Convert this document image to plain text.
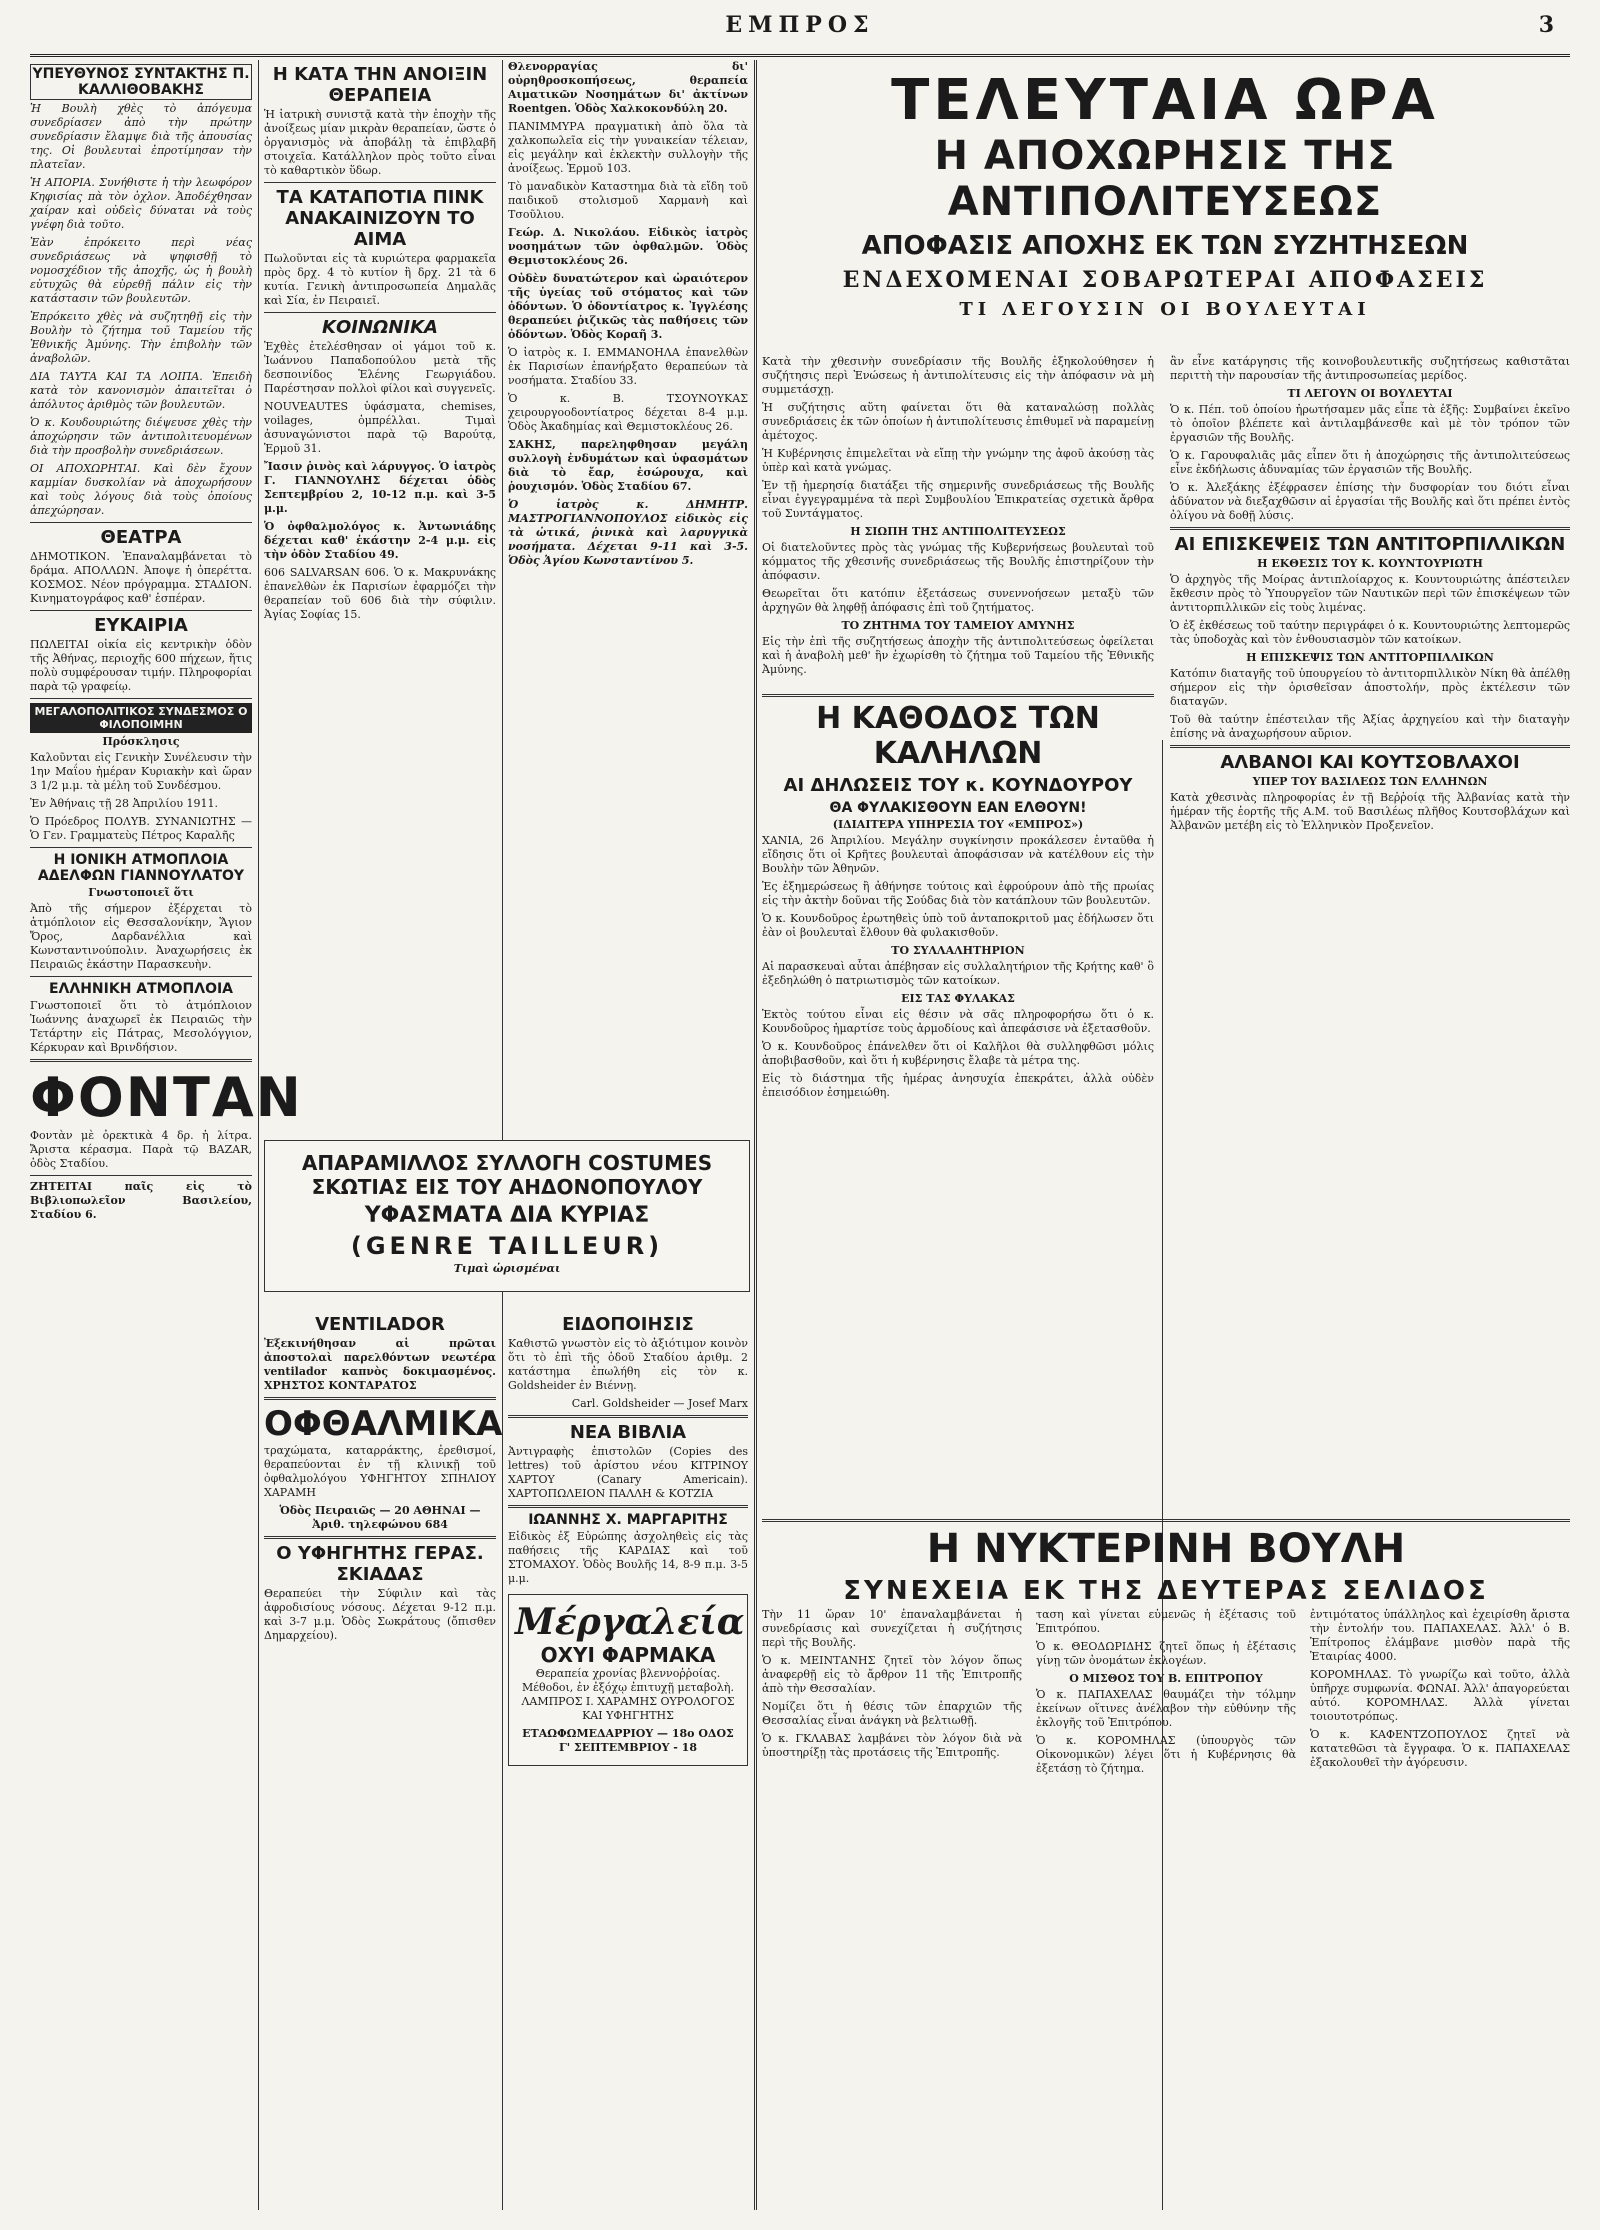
ΕΜΠΡΟΣ	3
ΥΠΕΥΘΥΝΟΣ ΣΥΝΤΑΚΤΗΣ Π. ΚΑΛΛΙΘΟΒΑΚΗΣ

Ἡ Βουλὴ χθὲς τὸ ἀπόγευμα συνεδρίασεν ἀπὸ τὴν πρώτην συνεδρίασιν ἔλαμψε διὰ τῆς ἀπουσίας της. Οἱ βουλευταὶ ἐπροτίμησαν τὴν πλατεῖαν.

Ἡ ΑΠΟΡΙΑ. Συνήθιστε ἡ τὴν λεωφόρον Κηφισίας πὰ τὸν ὀχλον. Ἀποδέχθησαν χαίραν καὶ οὐδεὶς δύναται νὰ τοὺς γνέφη διὰ τοῦτο.

Ἐὰν ἐπρόκειτο περὶ νέας συνεδριάσεως νὰ ψηφισθῇ τὸ νομοσχέδιον τῆς ἀποχῆς, ὡς ἡ βουλὴ εὐτυχῶς θὰ εὑρεθῇ πάλιν εἰς τὴν κατάστασιν τῶν βουλευτῶν.

Ἐπρόκειτο χθὲς νὰ συζητηθῇ εἰς τὴν Βουλὴν τὸ ζήτημα τοῦ Ταμείου τῆς Ἐθνικῆς Ἀμύνης. Τὴν ἐπιβολὴν τῶν ἀναβολῶν.

ΔΙΑ ΤΑΥΤΑ ΚΑΙ ΤΑ ΛΟΙΠΑ. Ἐπειδὴ κατὰ τὸν κανονισμὸν ἀπαιτεῖται ὁ ἀπόλυτος ἀριθμὸς τῶν βουλευτῶν.

Ὁ κ. Κουδουριώτης διέψευσε χθὲς τὴν ἀποχώρησιν τῶν ἀντιπολιτευομένων διὰ τὴν προσβολὴν συνεδριάσεων.

ΟΙ ΑΠΟΧΩΡΗΤΑΙ. Καὶ δὲν ἔχουν καμμίαν δυσκολίαν νὰ ἀποχωρήσουν καὶ τοὺς λόγους διὰ τοὺς ὁποίους ἀπεχώρησαν.

ΘΕΑΤΡΑ

ΔΗΜΟΤΙΚΟΝ. Ἐπαναλαμβάνεται τὸ δράμα. ΑΠΟΛΛΩΝ. Ἀποψε ἡ ὀπερέττα. ΚΟΣΜΟΣ. Νέον πρόγραμμα. ΣΤΑΔΙΟΝ. Κινηματογράφος καθ' ἑσπέραν.

ΕΥΚΑΙΡΙΑ

ΠΩΛΕΙΤΑΙ οἰκία εἰς κεντρικὴν ὁδὸν τῆς Ἀθήνας, περιοχῆς 600 πήχεων, ἥτις πολὺ συμφέρουσαν τιμήν. Πληροφορίαι παρὰ τῷ γραφείῳ.

ΜΕΓΑΛΟΠΟΛΙΤΙΚΟΣ ΣΥΝΔΕΣΜΟΣ Ο ΦΙΛΟΠΟΙΜΗΝ
Πρόσκλησις

Καλοῦνται εἰς Γενικὴν Συνέλευσιν τὴν 1ην Μαΐου ἡμέραν Κυριακὴν καὶ ὥραν 3 1/2 μ.μ. τὰ μέλη τοῦ Συνδέσμου.

Ἐν Ἀθήναις τῇ 28 Ἀπριλίου 1911.

Ὁ Πρόεδρος ΠΟΛΥΒ. ΣΥΝΑΝΙΩΤΗΣ — Ὁ Γεν. Γραμματεὺς Πέτρος Καραλῆς

Η ΙΟΝΙΚΗ ΑΤΜΟΠΛΟΙΑ ΑΔΕΛΦΩΝ ΓΙΑΝΝΟΥΛΑΤΟΥ
Γνωστοποιεῖ ὅτι

Ἀπὸ τῆς σήμερον ἐξέρχεται τὸ ἀτμόπλοιον εἰς Θεσσαλονίκην, Ἅγιον Ὄρος, Δαρδανέλλια καὶ Κωνσταντινούπολιν. Ἀναχωρήσεις ἐκ Πειραιῶς ἑκάστην Παρασκευὴν.

ΕΛΛΗΝΙΚΗ ΑΤΜΟΠΛΟΙΑ

Γνωστοποιεῖ ὅτι τὸ ἀτμόπλοιον Ἰωάννης ἀναχωρεῖ ἐκ Πειραιῶς τὴν Τετάρτην εἰς Πάτρας, Μεσολόγγιον, Κέρκυραν καὶ Βρινδήσιον.

ΦΟΝΤΑΝ

Φοντὰν μὲ ὀρεκτικὰ 4 δρ. ἡ λίτρα. Ἄριστα κέρασμα. Παρὰ τῷ ΒΑΖΑR, ὁδὸς Σταδίου.

ΖΗΤΕΙΤΑΙ παῖς εἰς τὸ Βιβλιοπωλεῖον Βασιλείου, Σταδίου 6.

Η ΚΑΤΑ ΤΗΝ ΑΝΟΙΞΙΝ ΘΕΡΑΠΕΙΑ

Ἡ ἰατρικὴ συνιστᾷ κατὰ τὴν ἐποχὴν τῆς ἀνοίξεως μίαν μικρὰν θεραπείαν, ὥστε ὁ ὀργανισμὸς νὰ ἀποβάλῃ τὰ ἐπιβλαβῆ στοιχεῖα. Κατάλληλον πρὸς τοῦτο εἶναι τὸ καθαρτικὸν ὕδωρ.

ΤΑ ΚΑΤΑΠΟΤΙΑ ΠΙΝΚ ΑΝΑΚΑΙΝΙΖΟΥΝ ΤΟ ΑΙΜΑ

Πωλοῦνται εἰς τὰ κυριώτερα φαρμακεῖα πρὸς δρχ. 4 τὸ κυτίον ἢ δρχ. 21 τὰ 6 κυτία. Γενικὴ ἀντιπροσωπεία Δημαλᾶς καὶ Σία, ἐν Πειραιεῖ.

ΚΟΙΝΩΝΙΚΑ

Ἐχθὲς ἐτελέσθησαν οἱ γάμοι τοῦ κ. Ἰωάννου Παπαδοπούλου μετὰ τῆς δεσποινίδος Ἑλένης Γεωργιάδου. Παρέστησαν πολλοὶ φίλοι καὶ συγγενεῖς.

NOUVEAUTES ὑφάσματα, chemises, voilages, ὁμπρέλλαι. Τιμαὶ ἀσυναγώνιστοι παρὰ τῷ Βαρούτᾳ, Ἑρμοῦ 31.

Ἴασιν ῥινὸς καὶ λάρυγγος. Ὁ ἰατρὸς Γ. ΓΙΑΝΝΟΥΛΗΣ δέχεται ὁδὸς Σεπτεμβρίου 2, 10-12 π.μ. καὶ 3-5 μ.μ.

Ὁ ὀφθαλμολόγος κ. Ἀντωνιάδης δέχεται καθ' ἑκάστην 2-4 μ.μ. εἰς τὴν ὁδὸν Σταδίου 49.

606 SALVARSAN 606. Ὁ κ. Μακρυνάκης ἐπανελθὼν ἐκ Παρισίων ἐφαρμόζει τὴν θεραπείαν τοῦ 606 διὰ τὴν σύφιλιν. Ἀγίας Σοφίας 15.

Θλενορραγίας δι' οὐρηθροσκοπήσεως, θεραπεία Αιματικῶν Νοσημάτων δι' ἀκτίνων Roentgen. Ὁδὸς Χαλκοκονδύλη 20.

ΠΑΝΙΜΜΥΡΑ πραγματικὴ ἀπὸ ὅλα τὰ χαλκοπωλεῖα εἰς τὴν γυναικείαν τέλειαν, εἰς μεγάλην καὶ ἐκλεκτὴν συλλογὴν τῆς ἀνοίξεως. Ἑρμοῦ 103.

Τὸ μαναδικὸν Καταστημα διὰ τὰ εἴδη τοῦ παιδικοῦ στολισμοῦ Χαρμανὴ καὶ Τσοῦλιου.

Γεώρ. Δ. Νικολάου. Εἰδικὸς ἰατρὸς νοσημάτων τῶν ὀφθαλμῶν. Ὁδὸς Θεμιστοκλέους 26.

Οὐδὲν δυνατώτερον καὶ ὠραιότερον τῆς ὑγείας τοῦ στόματος καὶ τῶν ὀδόντων. Ὁ ὀδοντίατρος κ. Ἰγγλέσης θεραπεύει ῥιζικῶς τὰς παθήσεις τῶν ὀδόντων. Ὁδὸς Κοραῆ 3.

Ὁ ἰατρὸς κ. Ι. ΕΜΜΑΝΟΗΛΑ ἐπανελθὼν ἐκ Παρισίων ἐπανήρξατο θεραπεύων τὰ νοσήματα. Σταδίου 33.

Ὁ κ. Β. ΤΣΟΥΝΟΥΚΑΣ χειρουργοοδοντίατρος δέχεται 8-4 μ.μ. Ὁδὸς Ἀκαδημίας καὶ Θεμιστοκλέους 26.

ΣΑΚΗΣ, παρεληφθησαν μεγάλη συλλογὴ ἐνδυμάτων καὶ ὑφασμάτων διὰ τὸ ἔαρ, ἐσώρουχα, καὶ ῥουχισμόν. Ὁδὸς Σταδίου 67.

Ὁ ἰατρὸς κ. ΔΗΜΗΤΡ. ΜΑΣΤΡΟΓΙΑΝΝΟΠΟΥΛΟΣ εἰδικὸς εἰς τὰ ὠτικά, ῥινικὰ καὶ λαρυγγικὰ νοσήματα. Δέχεται 9-11 καὶ 3-5. Ὁδὸς Ἁγίου Κωνσταντίνου 5.

ΑΠΑΡΑΜΙΛΛΟΣ ΣΥΛΛΟΓΗ COSTUMES ΣΚΩΤΙΑΣ ΕΙΣ ΤΟΥ ΑΗΔΟΝΟΠΟΥΛΟΥ
ΥΦΑΣΜΑΤΑ ΔΙΑ ΚΥΡΙΑΣ
(GENRE TAILLEUR)
Τιμαὶ ὡρισμέναι
VENTILADOR

Ἐξεκινήθησαν αἱ πρῶται ἀποστολαὶ παρελθόντων νεωτέρα ventilador καπνὸς δοκιμασμένος. ΧΡΗΣΤΟΣ ΚΟΝΤΑΡΑΤΟΣ

ΟΦΘΑΛΜΙΚΑ

τραχώματα, καταρράκτης, ἐρεθισμοί, θεραπεύονται ἐν τῇ κλινικῇ τοῦ ὀφθαλμολόγου ΥΦΗΓΗΤΟΥ ΣΠΗΛΙΟΥ ΧΑΡΑΜΗ

Ὁδὸς Πειραιῶς — 20 ΑΘΗΝΑΙ — Ἀριθ. τηλεφώνου 684

Ο ΥΦΗΓΗΤΗΣ ΓΕΡΑΣ. ΣΚΙΑΔΑΣ

Θεραπεύει τὴν Σύφιλιν καὶ τὰς ἀφροδισίους νόσους. Δέχεται 9-12 π.μ. καὶ 3-7 μ.μ. Ὁδὸς Σωκράτους (ὄπισθεν Δημαρχείου).

ΕΙΔΟΠΟΙΗΣΙΣ

Καθιστῶ γνωστὸν εἰς τὸ ἀξιότιμον κοινὸν ὅτι τὸ ἐπὶ τῆς ὁδοῦ Σταδίου ἀριθμ. 2 κατάστημα ἐπωλήθη εἰς τὸν κ. Goldsheider ἐν Βιέννῃ.

Carl. Goldsheider — Josef Marx

ΝΕΑ ΒΙΒΛΙΑ

Ἀντιγραφὴς ἐπιστολῶν (Copies des lettres) τοῦ ἀρίστου νέου ΚΙΤΡΙΝΟΥ ΧΑΡΤΟΥ (Canary Americain). ΧΑΡΤΟΠΩΛΕΙΟΝ ΠΑΛΛΗ & ΚΟΤΖΙΑ

ΙΩΑΝΝΗΣ Χ. ΜΑΡΓΑΡΙΤΗΣ

Εἰδικὸς ἐξ Εὐρώπης ἀσχοληθεὶς εἰς τὰς παθήσεις τῆς ΚΑΡΔΙΑΣ καὶ τοῦ ΣΤΟΜΑΧΟΥ. Ὁδὸς Βουλῆς 14, 8-9 π.μ. 3-5 μ.μ.

Μέργαλεία
ΟΧΥΙ ΦΑΡΜΑΚΑ

Θεραπεία χρονίας βλεννοῤῥοίας. Μέθοδοι, ἐν ἐξόχῳ ἐπιτυχῇ μεταβολὴ. ΛΑΜΠΡΟΣ Ι. ΧΑΡΑΜΗΣ ΟΥΡΟΛΟΓΟΣ ΚΑΙ ΥΦΗΓΗΤΗΣ

ΕΤΑΩΦΩΜΕΔΑΡΡΙΟΥ — 18ο ΟΔΟΣ Γ' ΣΕΠΤΕΜΒΡΙΟΥ - 18

ΤΕΛΕΥΤΑΙΑ ΩΡΑ
Η ΑΠΟΧΩΡΗΣΙΣ ΤΗΣ ΑΝΤΙΠΟΛΙΤΕΥΣΕΩΣ
ΑΠΟΦΑΣΙΣ ΑΠΟΧΗΣ ΕΚ ΤΩΝ ΣΥΖΗΤΗΣΕΩΝ
ΕΝΔΕΧΟΜΕΝΑΙ ΣΟΒΑΡΩΤΕΡΑΙ ΑΠΟΦΑΣΕΙΣ
ΤΙ ΛΕΓΟΥΣΙΝ ΟΙ ΒΟΥΛΕΥΤΑΙ

Κατὰ τὴν χθεσινὴν συνεδρίασιν τῆς Βουλῆς ἐξηκολούθησεν ἡ συζήτησις περὶ Ἐνώσεως ἡ ἀντιπολίτευσις εἰς τὴν ἀπόφασιν νὰ μὴ συμμετάσχῃ.

Ἡ συζήτησις αὕτη φαίνεται ὅτι θὰ καταναλώσῃ πολλὰς συνεδριάσεις ἐκ τῶν ὁποίων ἡ ἀντιπολίτευσις ἐπιθυμεῖ νὰ παραμείνῃ ἀμέτοχος.

Ἡ Κυβέρνησις ἐπιμελεῖται νὰ εἴπῃ τὴν γνώμην της ἀφοῦ ἀκούσῃ τὰς ὑπὲρ καὶ κατὰ γνώμας.

Ἐν τῇ ἡμερησίᾳ διατάξει τῆς σημερινῆς συνεδριάσεως τῆς Βουλῆς εἶναι ἐγγεγραμμένα τὰ περὶ Συμβουλίου Ἐπικρατείας σχετικὰ ἄρθρα τοῦ Συντάγματος.

Η ΣΙΩΠΗ ΤΗΣ ΑΝΤΙΠΟΛΙΤΕΥΣΕΩΣ

Οἱ διατελοῦντες πρὸς τὰς γνώμας τῆς Κυβερνήσεως βουλευταὶ τοῦ κόμματος τῆς χθεσινῆς συνεδριάσεως τῆς Βουλῆς ἐπιστηρίζουν τὴν ἀπόφασιν.

Θεωρεῖται ὅτι κατόπιν ἐξετάσεως συνεννοήσεων μεταξὺ τῶν ἀρχηγῶν θὰ ληφθῇ ἀπόφασις ἐπὶ τοῦ ζητήματος.

ΤΟ ΖΗΤΗΜΑ ΤΟΥ ΤΑΜΕΙΟΥ ΑΜΥΝΗΣ

Εἰς τὴν ἐπὶ τῆς συζητήσεως ἀποχὴν τῆς ἀντιπολιτεύσεως ὀφείλεται καὶ ἡ ἀναβολὴ μεθ' ἣν ἐχωρίσθη τὸ ζήτημα τοῦ Ταμείου τῆς Ἐθνικῆς Ἀμύνης.

ἂν εἶνε κατάργησις τῆς κοινοβουλευτικῆς συζητήσεως καθιστᾶται περιττὴ τὴν παρουσίαν τῆς ἀντιπροσωπείας μερίδος.

ΤΙ ΛΕΓΟΥΝ ΟΙ ΒΟΥΛΕΥΤΑΙ

Ὁ κ. Πέπ. τοῦ ὁποίου ἠρωτήσαμεν μᾶς εἶπε τὰ ἑξῆς: Συμβαίνει ἐκεῖνο τὸ ὁποῖον βλέπετε καὶ ἀντιλαμβάνεσθε καὶ μὲ τὸν τρόπον τῶν ἐργασιῶν τῆς Βουλῆς.

Ὁ κ. Γαρουφαλιᾶς μᾶς εἶπεν ὅτι ἡ ἀποχώρησις τῆς ἀντιπολιτεύσεως εἶνε ἐκδήλωσις ἀδυναμίας τῶν ἐργασιῶν τῆς Βουλῆς.

Ὁ κ. Ἀλεξάκης ἐξέφρασεν ἐπίσης τὴν δυσφορίαν του διότι εἶναι ἀδύνατον νὰ διεξαχθῶσιν αἱ ἐργασίαι τῆς Βουλῆς καὶ ὅτι πρέπει ἐντὸς ὀλίγου νὰ δοθῇ λύσις.

ΑΙ ΕΠΙΣΚΕΨΕΙΣ ΤΩΝ ΑΝΤΙΤΟΡΠΙΛΛΙΚΩΝ
Η ΕΚΘΕΣΙΣ ΤΟΥ Κ. ΚΟΥΝΤΟΥΡΙΩΤΗ

Ὁ ἀρχηγὸς τῆς Μοίρας ἀντιπλοίαρχος κ. Κουντουριώτης ἀπέστειλεν ἔκθεσιν πρὸς τὸ Ὑπουργεῖον τῶν Ναυτικῶν περὶ τῶν ἐπισκέψεων τῶν ἀντιτορπιλλικῶν εἰς τοὺς λιμένας.

Ὁ ἐξ ἐκθέσεως τοῦ ταύτην περιγράφει ὁ κ. Κουντουριώτης λεπτομερῶς τὰς ὑποδοχὰς καὶ τὸν ἐνθουσιασμὸν τῶν κατοίκων.

Η ΕΠΙΣΚΕΨΙΣ ΤΩΝ ΑΝΤΙΤΟΡΠΙΛΛΙΚΩΝ

Κατόπιν διαταγῆς τοῦ ὑπουργείου τὸ ἀντιτορπιλλικὸν Νίκη θὰ ἀπέλθῃ σήμερον εἰς τὴν ὁρισθεῖσαν ἀποστολήν, πρὸς ἐκτέλεσιν τῶν διαταγῶν.

Τοῦ θὰ ταύτην ἐπέστειλαν τῆς Ἀξίας ἀρχηγείου καὶ τὴν διαταγὴν ἐπίσης νὰ ἀναχωρήσουν αὔριον.

ΑΛΒΑΝΟΙ ΚΑΙ ΚΟΥΤΣΟΒΛΑΧΟΙ
ΥΠΕΡ ΤΟΥ ΒΑΣΙΛΕΩΣ ΤΩΝ ΕΛΛΗΝΩΝ

Κατὰ χθεσινὰς πληροφορίας ἐν τῇ Βεῤῥοίᾳ τῆς Ἀλβανίας κατὰ τὴν ἡμέραν τῆς ἑορτῆς τῆς Α.Μ. τοῦ Βασιλέως πλῆθος Κουτσοβλάχων καὶ Ἀλβανῶν μετέβη εἰς τὸ Ἑλληνικὸν Προξενεῖον.

Η ΚΑΘΟΔΟΣ ΤΩΝ ΚΑΛΗΛΩΝ
ΑΙ ΔΗΛΩΣΕΙΣ ΤΟΥ κ. ΚΟΥΝΔΟΥΡΟΥ
ΘΑ ΦΥΛΑΚΙΣΘΟΥΝ ΕΑΝ ΕΛΘΟΥΝ!
(ΙΔΙΑΙΤΕΡΑ ΥΠΗΡΕΣΙΑ ΤΟΥ «ΕΜΠΡΟΣ»)

ΧΑΝΙΑ, 26 Ἀπριλίου. Μεγάλην συγκίνησιν προκάλεσεν ἐνταῦθα ἡ εἴδησις ὅτι οἱ Κρῆτες βουλευταὶ ἀποφάσισαν νὰ κατέλθουν εἰς τὴν Βουλὴν τῶν Ἀθηνῶν.

Ἐς ἐξημερώσεως ἢ ἀθήνησε τούτοις καὶ ἐφρούρουν ἀπὸ τῆς πρωίας εἰς τὴν ἀκτὴν δοῦναι τῆς Σούδας διὰ τὸν κατάπλουν τῶν βουλευτῶν.

Ὁ κ. Κουνδοῦρος ἐρωτηθεὶς ὑπὸ τοῦ ἀνταποκριτοῦ μας ἐδήλωσεν ὅτι ἐὰν οἱ βουλευταὶ ἔλθουν θὰ φυλακισθοῦν.

ΤΟ ΣΥΛΛΑΛΗΤΗΡΙΟΝ

Αἱ παρασκευαὶ αὗται ἀπέβησαν εἰς συλλαλητήριον τῆς Κρήτης καθ' ὃ ἐξεδηλώθη ὁ πατριωτισμὸς τῶν κατοίκων.

ΕΙΣ ΤΑΣ ΦΥΛΑΚΑΣ

Ἐκτὸς τούτου εἶναι εἰς θέσιν νὰ σᾶς πληροφορήσω ὅτι ὁ κ. Κουνδοῦρος ἠμαρτίσε τοὺς ἀρμοδίους καὶ ἀπεφάσισε νὰ ἐξετασθοῦν.

Ὁ κ. Κουνδοῦρος ἐπάνελθεν ὅτι οἱ Καλῆλοι θὰ συλληφθῶσι μόλις ἀποβιβασθοῦν, καὶ ὅτι ἡ κυβέρνησις ἔλαβε τὰ μέτρα της.

Εἰς τὸ διάστημα τῆς ἡμέρας ἀνησυχία ἐπεκράτει, ἀλλὰ οὐδὲν ἐπεισόδιον ἐσημειώθη.

Η ΝΥΚΤΕΡΙΝΗ ΒΟΥΛΗ
ΣΥΝΕΧΕΙΑ ΕΚ ΤΗΣ ΔΕΥΤΕΡΑΣ ΣΕΛΙΔΟΣ

Τὴν 11 ὥραν 10' ἐπαναλαμβάνεται ἡ συνεδρίασις καὶ συνεχίζεται ἡ συζήτησις περὶ τῆς Βουλῆς.

Ὁ κ. ΜΕΙΝΤΑΝΗΣ ζητεῖ τὸν λόγον ὅπως ἀναφερθῇ εἰς τὸ ἄρθρον 11 τῆς Ἐπιτροπῆς ἀπὸ τὴν Θεσσαλίαν.

Νομίζει ὅτι ἡ θέσις τῶν ἐπαρχιῶν τῆς Θεσσαλίας εἶναι ἀνάγκη νὰ βελτιωθῇ.

Ὁ κ. ΓΚΛΑΒΑΣ λαμβάνει τὸν λόγον διὰ νὰ ὑποστηρίξῃ τὰς προτάσεις τῆς Ἐπιτροπῆς.

ταση καὶ γίνεται εὐμενῶς ἡ ἐξέτασις τοῦ Ἐπιτρόπου.

Ὁ κ. ΘΕΟΔΩΡΙΔΗΣ ζητεῖ ὅπως ἡ ἐξέτασις γίνῃ τῶν ὀνομάτων ἐκλογέων.

Ο ΜΙΣΘΟΣ ΤΟΥ Β. ΕΠΙΤΡΟΠΟΥ

Ὁ κ. ΠΑΠΑΧΕΛΑΣ θαυμάζει τὴν τόλμην ἐκείνων οἵτινες ἀνέλαβον τὴν εὐθύνην τῆς ἐκλογῆς τοῦ Ἐπιτρόπου.

Ὁ κ. ΚΟΡΟΜΗΛΑΣ (ὑπουργὸς τῶν Οἰκονομικῶν) λέγει ὅτι ἡ Κυβέρνησις θὰ ἐξετάσῃ τὸ ζήτημα.

ἐντιμότατος ὑπάλληλος καὶ ἐχειρίσθη ἄριστα τὴν ἐντολήν του. ΠΑΠΑΧΕΛΑΣ. Ἀλλ' ὁ Β. Ἐπίτροπος ἐλάμβανε μισθὸν παρὰ τῆς Ἐταιρίας 4000.

ΚΟΡΟΜΗΛΑΣ. Τὸ γνωρίζω καὶ τοῦτο, ἀλλὰ ὑπῆρχε συμφωνία. ΦΩΝΑΙ. Ἀλλ' ἀπαγορεύεται αὐτό. ΚΟΡΟΜΗΛΑΣ. Ἀλλὰ γίνεται τοιουτοτρόπως.

Ὁ κ. ΚΑΦΕΝΤΖΟΠΟΥΛΟΣ ζητεῖ νὰ κατατεθῶσι τὰ ἔγγραφα. Ὁ κ. ΠΑΠΑΧΕΛΑΣ ἐξακολουθεῖ τὴν ἀγόρευσιν.
